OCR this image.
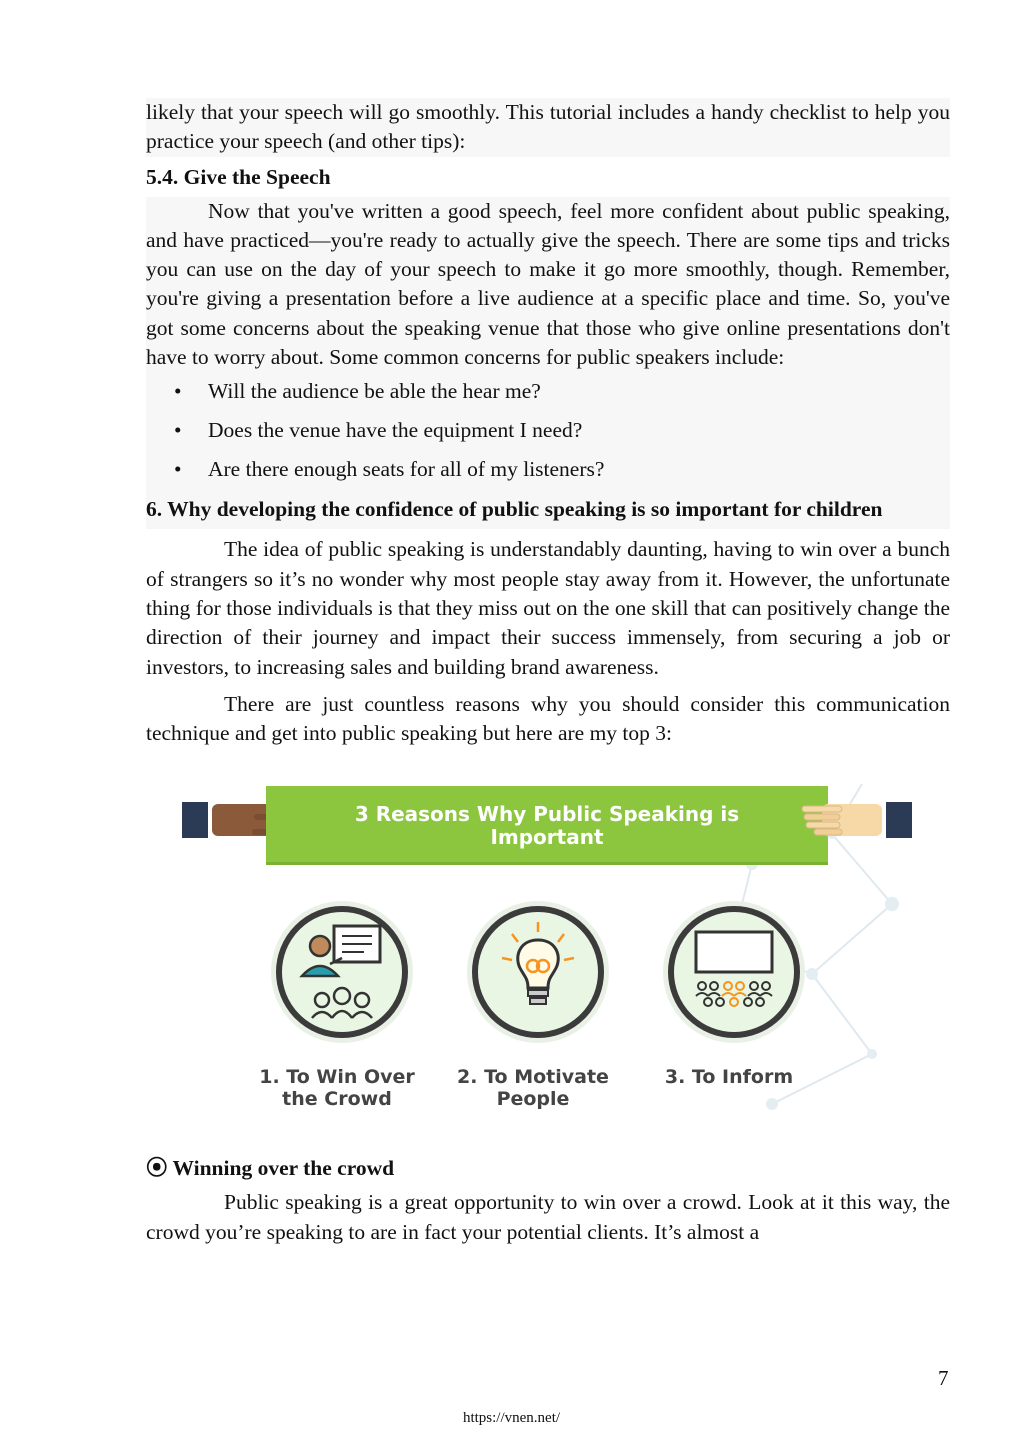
likely that your speech will go smoothly. This tutorial includes a handy checklist to help you practice your speech (and other tips):

5.4. Give the Speech

Now that you've written a good speech, feel more confident about public speaking, and have practiced—you're ready to actually give the speech. There are some tips and tricks you can use on the day of your speech to make it go more smoothly, though. Remember, you're giving a presentation before a live audience at a specific place and time. So, you've got some concerns about the speaking venue that those who give online presentations don't have to worry about. Some common concerns for public speakers include:

• Will the audience be able the hear me?
• Does the venue have the equipment I need?
• Are there enough seats for all of my listeners?
6. Why developing the confidence of public speaking is so important for children

The idea of public speaking is understandably daunting, having to win over a bunch of strangers so it’s no wonder why most people stay away from it. However, the unfortunate thing for those individuals is that they miss out on the one skill that can positively change the direction of their journey and impact their success immensely, from securing a job or investors, to increasing sales and building brand awareness.

There are just countless reasons why you should consider this communication technique and get into public speaking but here are my top 3:

3 Reasons Why Public Speaking is
Important
1. To Win Over
the Crowd
2. To Motivate
People
3. To Inform
⦿ Winning over the crowd

Public speaking is a great opportunity to win over a crowd. Look at it this way, the crowd you’re speaking to are in fact your potential clients. It’s almost a

7
https://vnen.net/
